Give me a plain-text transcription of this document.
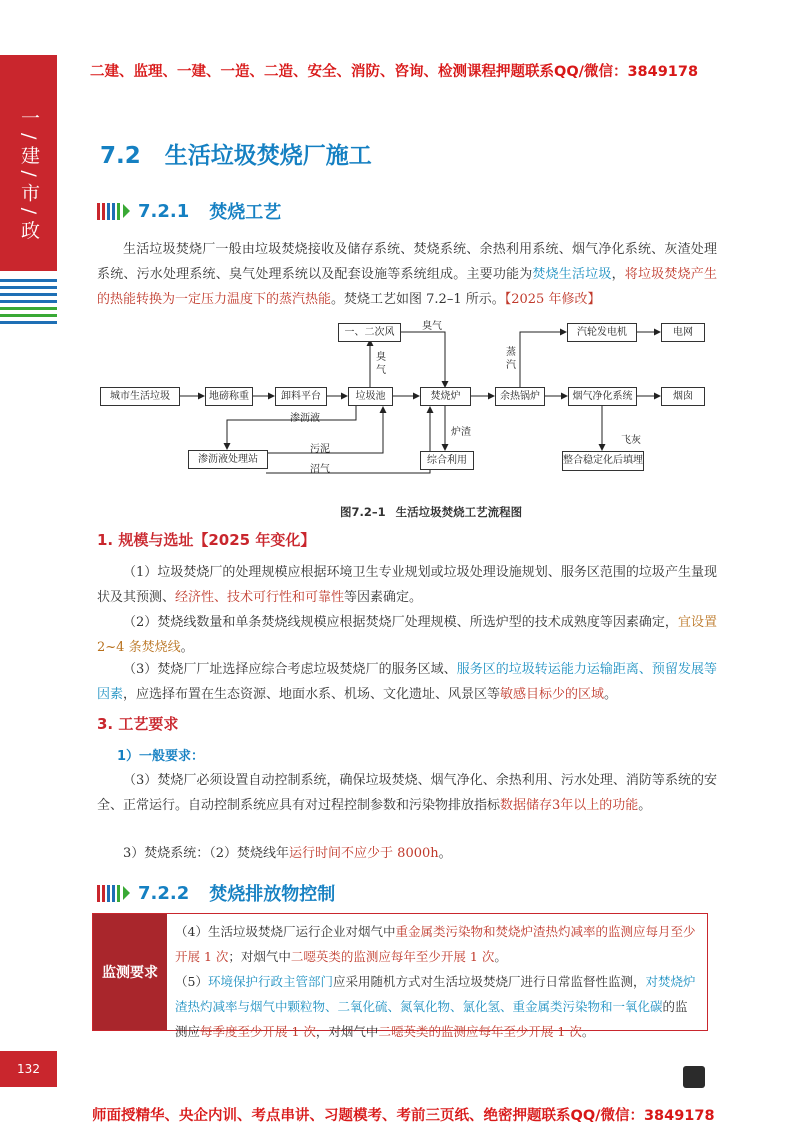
一/建/市/政
132
二建、监理、一建、一造、二造、安全、消防、咨询、检测课程押题联系QQ/微信：3849178
师面授精华、央企内训、考点串讲、习题模考、考前三页纸、绝密押题联系QQ/微信：3849178
7.2 生活垃圾焚烧厂施工
7.2.1 焚烧工艺
生活垃圾焚烧厂一般由垃圾焚烧接收及储存系统、焚烧系统、余热利用系统、烟气净化系统、灰渣处理系统、污水处理系统、臭气处理系统以及配套设施等系统组成。主要功能为焚烧生活垃圾，将垃圾焚烧产生的热能转换为一定压力温度下的蒸汽热能。焚烧工艺如图 7.2–1 所示。【2025 年修改】
城市生活垃圾	地磅称重	卸料平台	垃圾池	焚烧炉	余热锅炉	烟气净化系统	烟囱
一、二次风	汽轮发电机	电网
渗沥液处理站	综合利用	整合稳定化后填埋
臭气
臭气
蒸汽
渗沥液
污泥
沼气
炉渣
飞灰
图7.2–1 生活垃圾焚烧工艺流程图
1. 规模与选址【2025 年变化】
（1）垃圾焚烧厂的处理规模应根据环境卫生专业规划或垃圾处理设施规划、服务区范围的垃圾产生量现状及其预测、经济性、技术可行性和可靠性等因素确定。
（2）焚烧线数量和单条焚烧线规模应根据焚烧厂处理规模、所选炉型的技术成熟度等因素确定，宜设置 2~4 条焚烧线。
（3）焚烧厂厂址选择应综合考虑垃圾焚烧厂的服务区域、服务区的垃圾转运能力运输距离、预留发展等因素，应选择布置在生态资源、地面水系、机场、文化遗址、风景区等敏感目标少的区域。
3. 工艺要求
1）一般要求：
（3）焚烧厂必须设置自动控制系统，确保垃圾焚烧、烟气净化、余热利用、污水处理、消防等系统的安全、正常运行。自动控制系统应具有对过程控制参数和污染物排放指标数据储存3年以上的功能。
3）焚烧系统：（2）焚烧线年运行时间不应少于 8000h。
7.2.2 焚烧排放物控制
监测要求
（4）生活垃圾焚烧厂运行企业对烟气中重金属类污染物和焚烧炉渣热灼减率的监测应每月至少开展 1 次；对烟气中二噁英类的监测应每年至少开展 1 次。
（5）环境保护行政主管部门应采用随机方式对生活垃圾焚烧厂进行日常监督性监测，对焚烧炉渣热灼减率与烟气中颗粒物、二氧化硫、氮氧化物、氯化氢、重金属类污染物和一氧化碳的监测应每季度至少开展 1 次，对烟气中二噁英类的监测应每年至少开展 1 次。
